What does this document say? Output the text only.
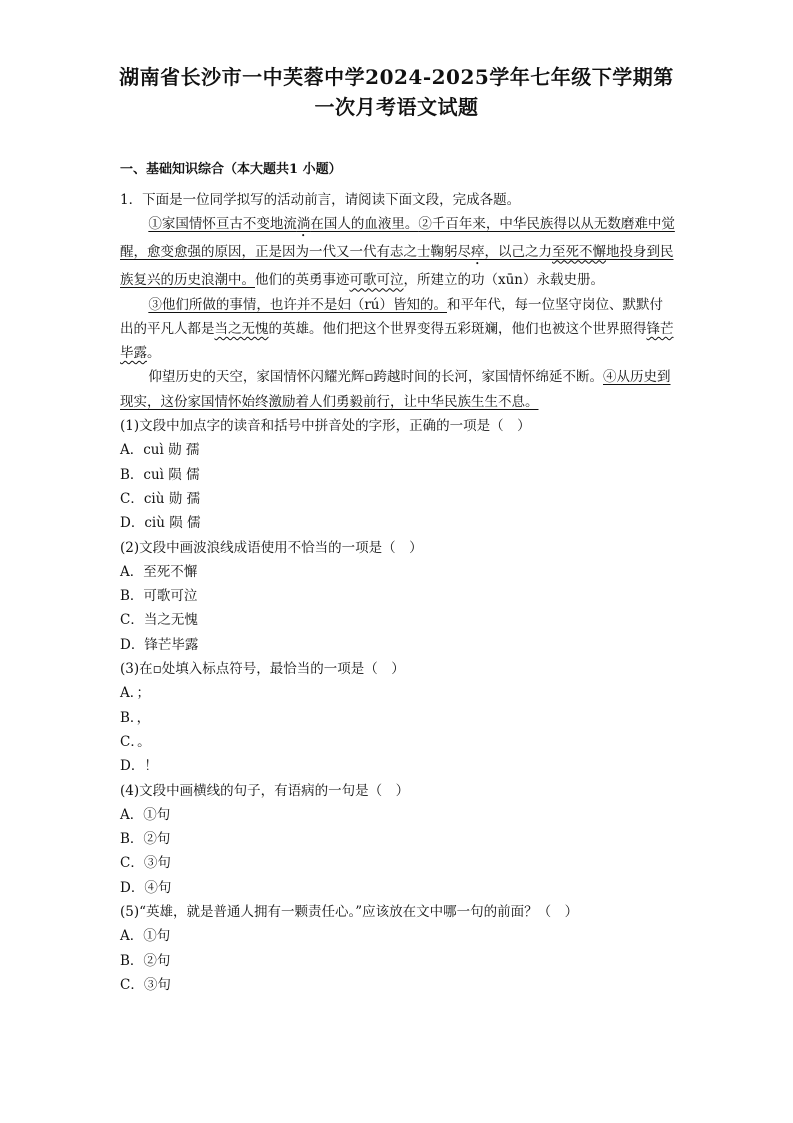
湖南省长沙市一中芙蓉中学2024-2025学年七年级下学期第
一次月考语文试题
一、基础知识综合（本大题共1 小题）

1．下面是一位同学拟写的活动前言，请阅读下面文段，完成各题。

①家国情怀亘古不变地流淌在国人的血液里。②千百年来，中华民族得以从无数磨难中觉醒，愈变愈强的原因，正是因为一代又一代有志之士鞠躬尽瘁，以己之力至死不懈地投身到民族复兴的历史浪潮中。他们的英勇事迹可歌可泣，所建立的功（xūn）永载史册。

③他们所做的事情，也许并不是妇（rú）皆知的。和平年代，每一位坚守岗位、默默付出的平凡人都是当之无愧的英雄。他们把这个世界变得五彩斑斓，他们也被这个世界照得锋芒毕露。

仰望历史的天空，家国情怀闪耀光辉▫跨越时间的长河，家国情怀绵延不断。④从历史到现实，这份家国情怀始终激励着人们勇毅前行，让中华民族生生不息。

(1)文段中加点字的读音和括号中拼音处的字形，正确的一项是（　）

A．cuì 勋 孺

B．cuì 陨 儒

C．ciù 勋 孺

D．ciù 陨 儒

(2)文段中画波浪线成语使用不恰当的一项是（　）

A．至死不懈

B．可歌可泣

C．当之无愧

D．锋芒毕露

(3)在▫处填入标点符号，最恰当的一项是（　）

A．；

B．，

C．。

D．！

(4)文段中画横线的句子，有语病的一句是（　）

A．①句

B．②句

C．③句

D．④句

(5)“英雄，就是普通人拥有一颗责任心。”应该放在文中哪一句的前面？（　）

A．①句

B．②句

C．③句
